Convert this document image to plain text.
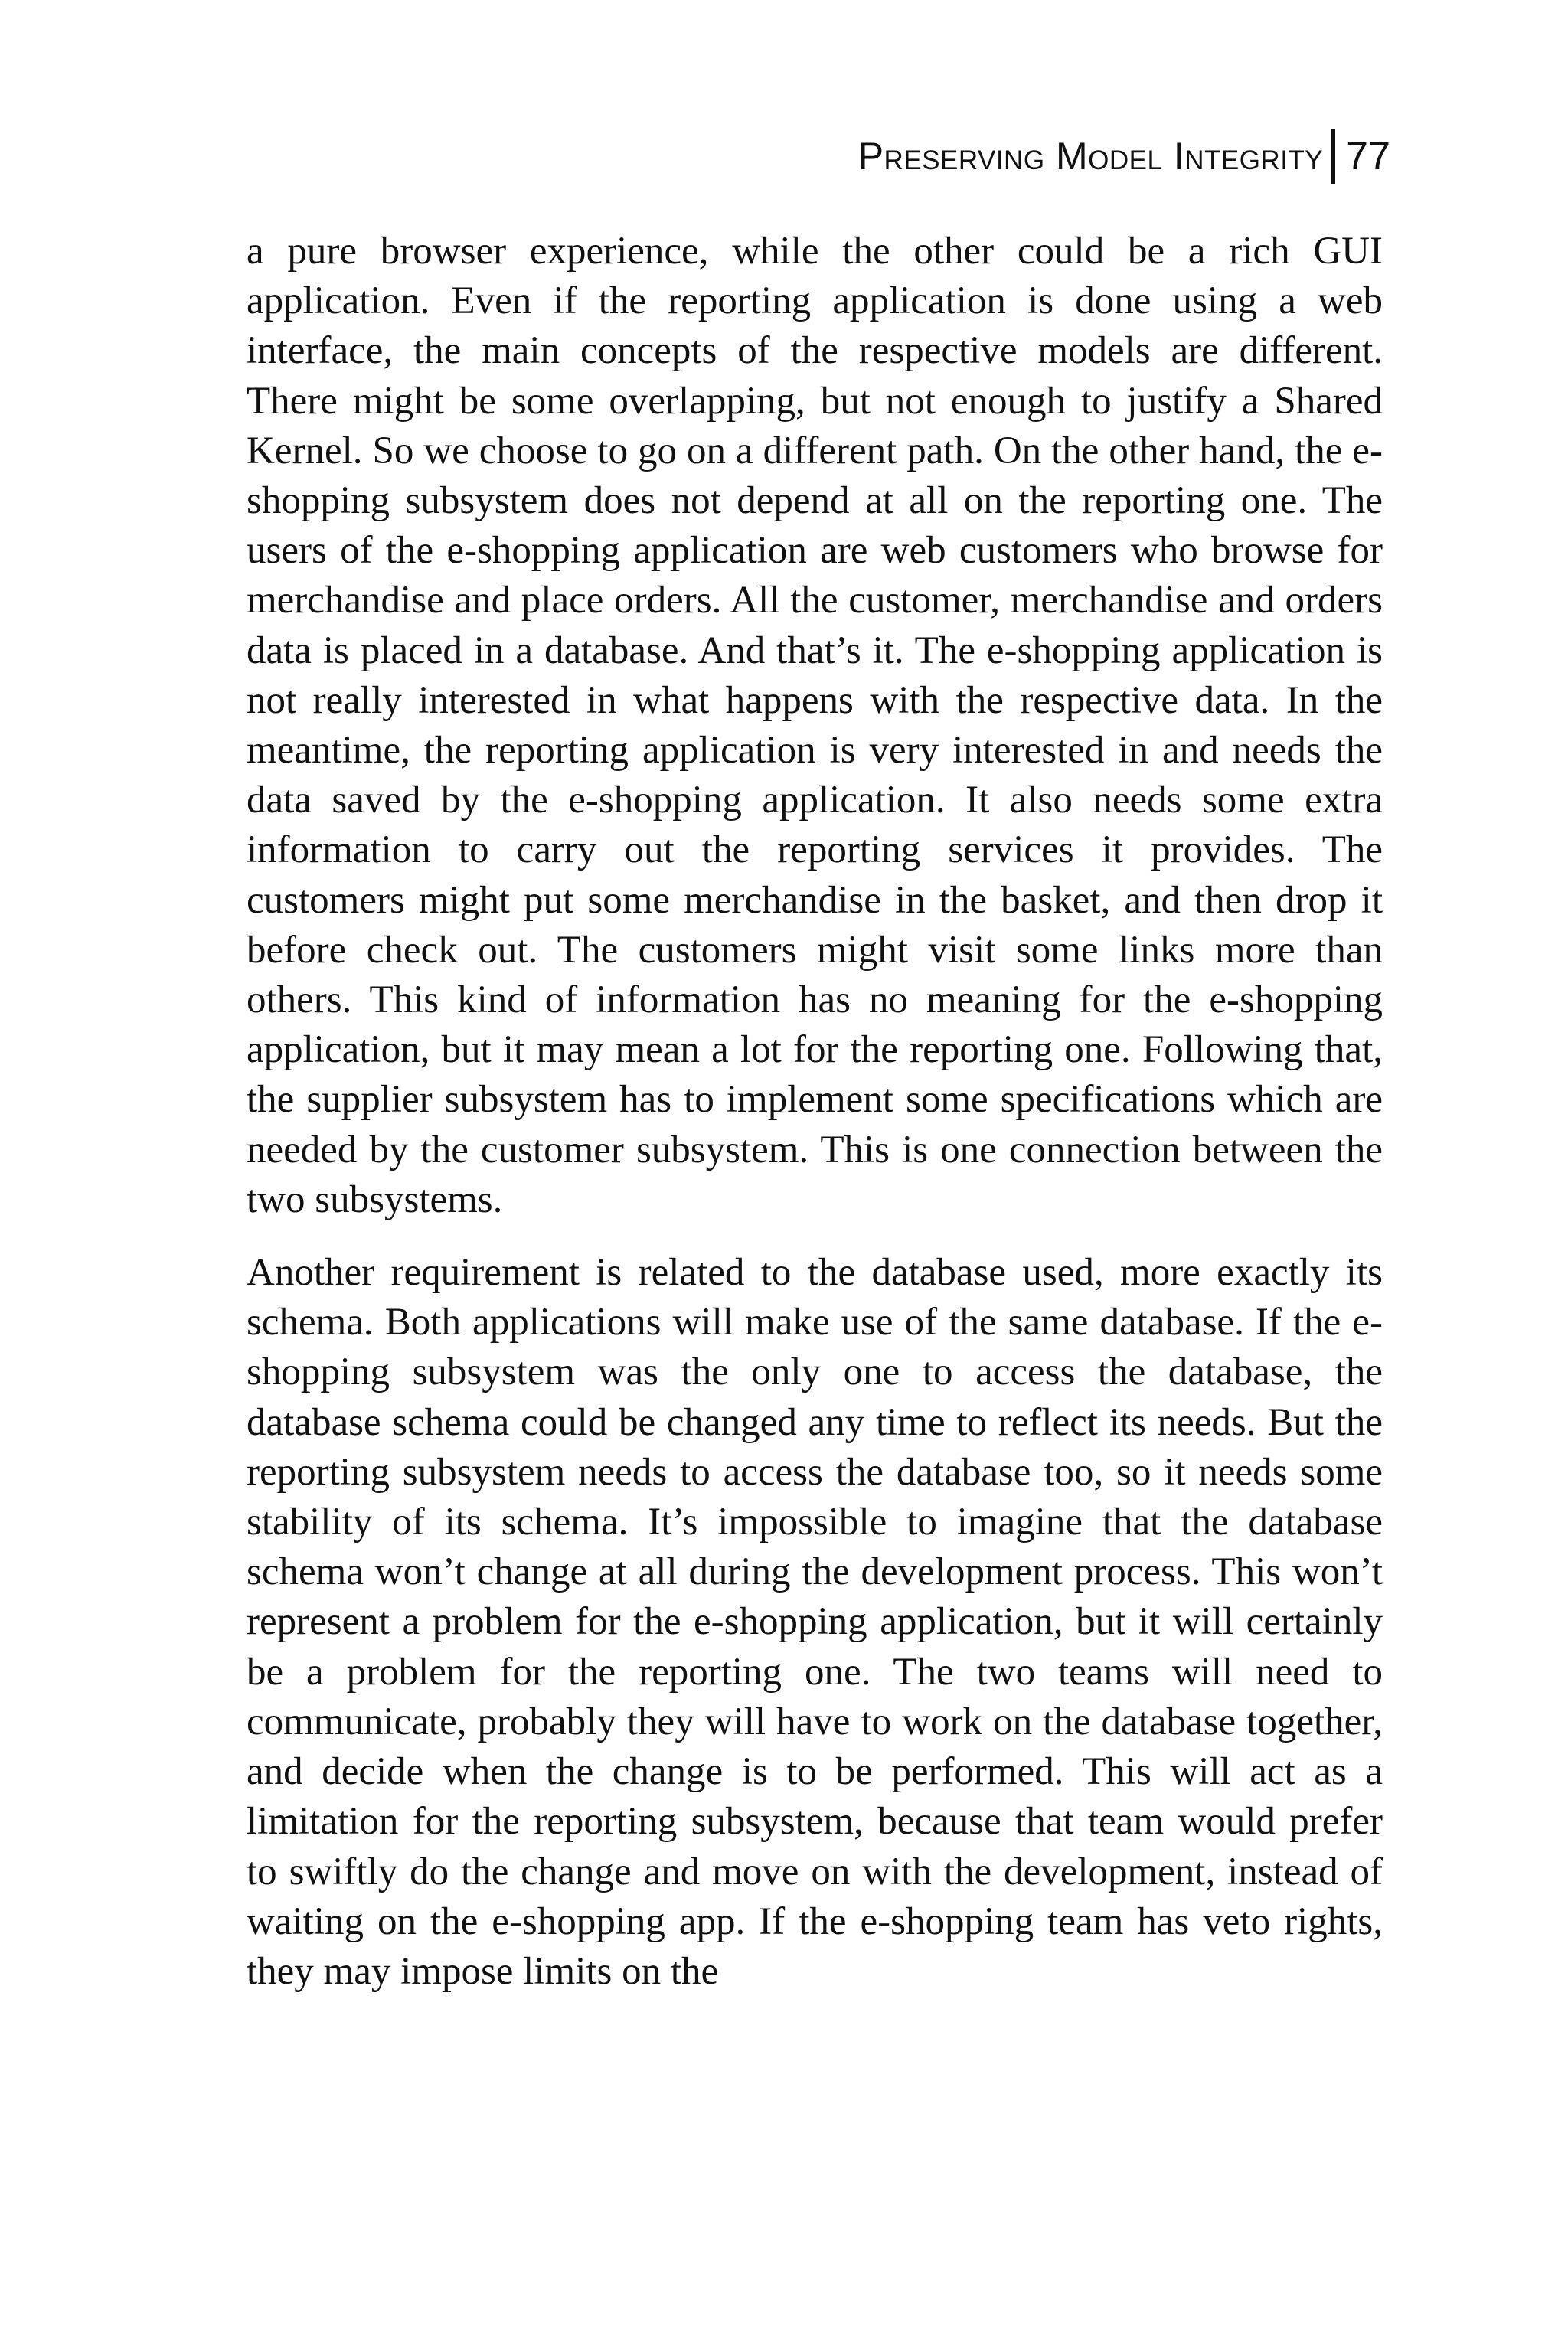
Preserving Model Integrity 77

a pure browser experience, while the other could be a rich GUI application. Even if the reporting application is done using a web interface, the main concepts of the respective models are different. There might be some overlapping, but not enough to justify a Shared Kernel. So we choose to go on a different path. On the other hand, the e-shopping subsystem does not depend at all on the reporting one. The users of the e-shopping application are web customers who browse for merchandise and place orders. All the customer, merchandise and orders data is placed in a database. And that’s it. The e-shopping application is not really interested in what happens with the respective data. In the meantime, the reporting application is very interested in and needs the data saved by the e-shopping application. It also needs some extra information to carry out the reporting services it provides. The customers might put some merchandise in the basket, and then drop it before check out. The customers might visit some links more than others. This kind of information has no meaning for the e-shopping application, but it may mean a lot for the reporting one. Following that, the supplier subsystem has to implement some specifications which are needed by the customer subsystem. This is one connection between the two subsystems.

Another requirement is related to the database used, more exactly its schema. Both applications will make use of the same database. If the e-shopping subsystem was the only one to access the database, the database schema could be changed any time to reflect its needs. But the reporting subsystem needs to access the database too, so it needs some stability of its schema. It’s impossible to imagine that the database schema won’t change at all during the development process. This won’t represent a problem for the e-shopping application, but it will certainly be a problem for the reporting one. The two teams will need to communicate, probably they will have to work on the database together, and decide when the change is to be performed. This will act as a limitation for the reporting subsystem, because that team would prefer to swiftly do the change and move on with the development, instead of waiting on the e-shopping app. If the e-shopping team has veto rights, they may impose limits on the
